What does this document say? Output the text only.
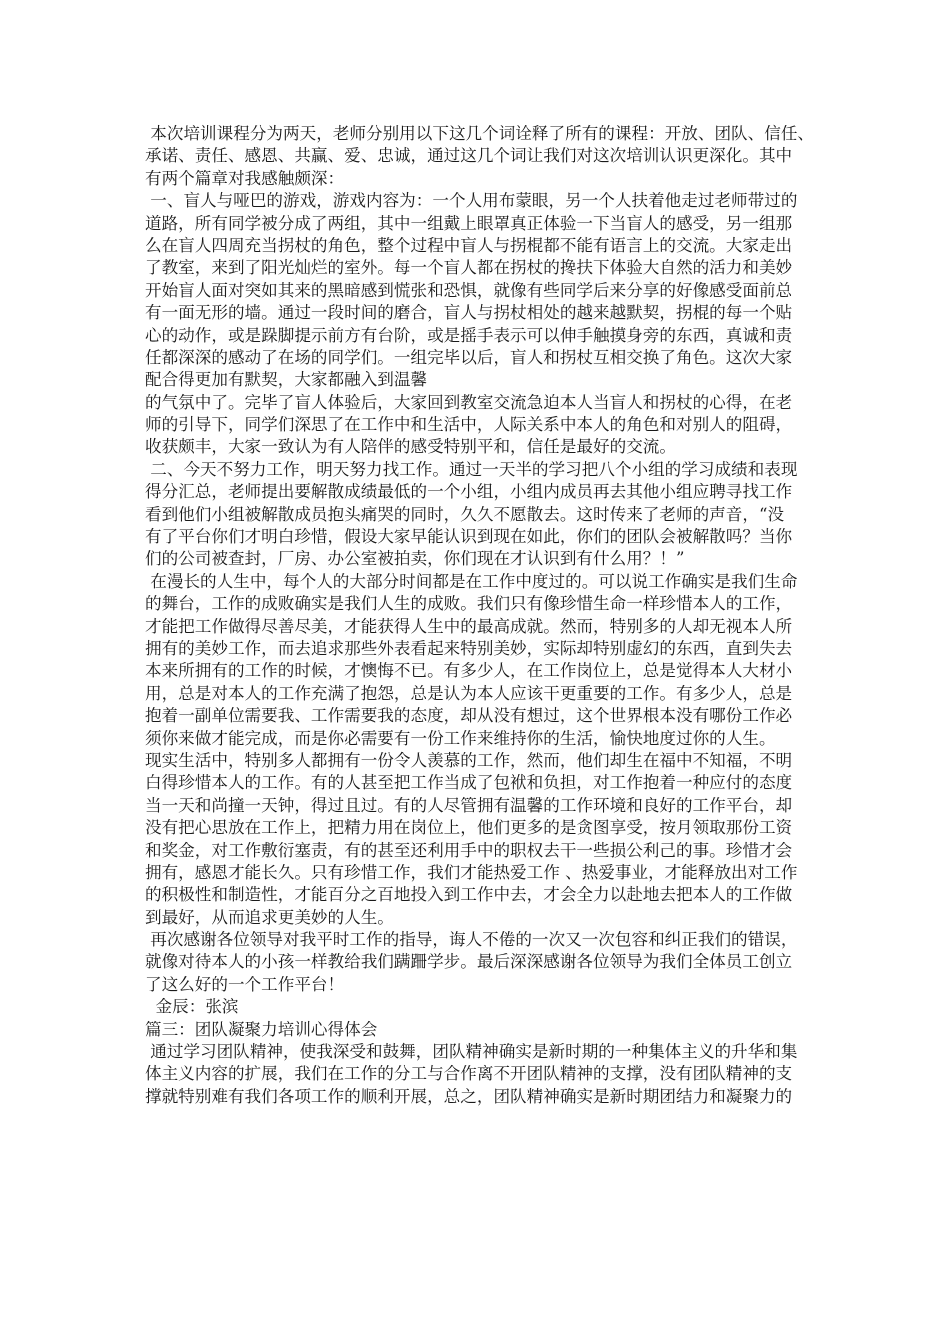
本次培训课程分为两天，老师分别用以下这几个词诠释了所有的课程：开放、团队、信任、
承诺、责任、感恩、共赢、爱、忠诚，通过这几个词让我们对这次培训认识更深化。其中
有两个篇章对我感触颇深：
一、盲人与哑巴的游戏，游戏内容为：一个人用布蒙眼，另一个人扶着他走过老师带过的
道路，所有同学被分成了两组，其中一组戴上眼罩真正体验一下当盲人的感受，另一组那
么在盲人四周充当拐杖的角色，整个过程中盲人与拐棍都不能有语言上的交流。大家走出
了教室，来到了阳光灿烂的室外。每一个盲人都在拐杖的搀扶下体验大自然的活力和美妙
开始盲人面对突如其来的黑暗感到慌张和恐惧，就像有些同学后来分享的好像感受面前总
有一面无形的墙。通过一段时间的磨合，盲人与拐杖相处的越来越默契，拐棍的每一个贴
心的动作，或是跺脚提示前方有台阶，或是摇手表示可以伸手触摸身旁的东西，真诚和责
任都深深的感动了在场的同学们。一组完毕以后，盲人和拐杖互相交换了角色。这次大家
配合得更加有默契，大家都融入到温馨
的气氛中了。完毕了盲人体验后，大家回到教室交流急迫本人当盲人和拐杖的心得，在老
师的引导下，同学们深思了在工作中和生活中，人际关系中本人的角色和对别人的阻碍，
收获颇丰，大家一致认为有人陪伴的感受特别平和，信任是最好的交流。
二、今天不努力工作，明天努力找工作。通过一天半的学习把八个小组的学习成绩和表现
得分汇总，老师提出要解散成绩最低的一个小组，小组内成员再去其他小组应聘寻找工作
看到他们小组被解散成员抱头痛哭的同时，久久不愿散去。这时传来了老师的声音，“没
有了平台你们才明白珍惜，假设大家早能认识到现在如此，你们的团队会被解散吗？当你
们的公司被查封，厂房、办公室被拍卖，你们现在才认识到有什么用？！”
在漫长的人生中，每个人的大部分时间都是在工作中度过的。可以说工作确实是我们生命
的舞台，工作的成败确实是我们人生的成败。我们只有像珍惜生命一样珍惜本人的工作，
才能把工作做得尽善尽美，才能获得人生中的最高成就。然而，特别多的人却无视本人所
拥有的美妙工作，而去追求那些外表看起来特别美妙，实际却特别虚幻的东西，直到失去
本来所拥有的工作的时候，才懊悔不已。有多少人，在工作岗位上，总是觉得本人大材小
用，总是对本人的工作充满了抱怨，总是认为本人应该干更重要的工作。有多少人，总是
抱着一副单位需要我、工作需要我的态度，却从没有想过，这个世界根本没有哪份工作必
须你来做才能完成，而是你必需要有一份工作来维持你的生活，愉快地度过你的人生。
现实生活中，特别多人都拥有一份令人羡慕的工作，然而，他们却生在福中不知福，不明
白得珍惜本人的工作。有的人甚至把工作当成了包袱和负担，对工作抱着一种应付的态度
当一天和尚撞一天钟，得过且过。有的人尽管拥有温馨的工作环境和良好的工作平台，却
没有把心思放在工作上，把精力用在岗位上，他们更多的是贪图享受，按月领取那份工资
和奖金，对工作敷衍塞责，有的甚至还利用手中的职权去干一些损公利己的事。珍惜才会
拥有，感恩才能长久。只有珍惜工作，我们才能热爱工作 、热爱事业，才能释放出对工作
的积极性和制造性，才能百分之百地投入到工作中去，才会全力以赴地去把本人的工作做
到最好，从而追求更美妙的人生。
再次感谢各位领导对我平时工作的指导，诲人不倦的一次又一次包容和纠正我们的错误，
就像对待本人的小孩一样教给我们蹒跚学步。最后深深感谢各位领导为我们全体员工创立
了这么好的一个工作平台！
金辰：张滨
篇三：团队凝聚力培训心得体会
通过学习团队精神，使我深受和鼓舞，团队精神确实是新时期的一种集体主义的升华和集
体主义内容的扩展，我们在工作的分工与合作离不开团队精神的支撑，没有团队精神的支
撑就特别难有我们各项工作的顺利开展，总之，团队精神确实是新时期团结力和凝聚力的
